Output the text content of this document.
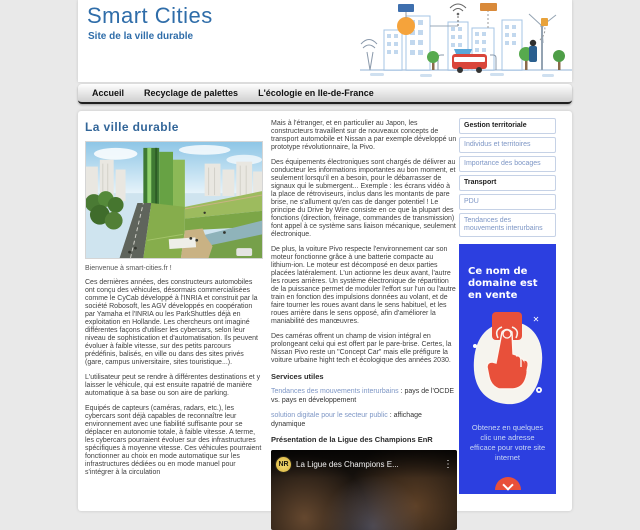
Smart Cities
Site de la ville durable
Accueil	Recyclage de palettes	L'écologie en Ile-de-France
La ville durable
Bienvenue à smart-cities.fr !

Ces dernières années, des constructeurs automobiles ont conçu des véhicules, désormais commercialisées comme le CyCab développé à l'INRIA et construit par la société Robosoft, les AGV développés en coopération par Yamaha et l'INRIA ou les ParkShuttles déjà en exploitation en Hollande. Les chercheurs ont imaginé différentes façons d'utiliser les cybercars, selon leur niveau de sophistication et d'automatisation. Ils peuvent évoluer à faible vitesse, sur des petits parcours prédéfinis, balisés, en ville ou dans des sites privés (gare, campus universitaire, sites touristique...).

L'utilisateur peut se rendre à différentes destinations et y laisser le véhicule, qui est ensuite rapatrié de manière automatique à sa base ou son aire de parking.

Equipés de capteurs (caméras, radars, etc.), les cybercars sont déjà capables de reconnaître leur environnement avec une fiabilité suffisante pour se déplacer en autonomie totale, à faible vitesse. A terme, les cybercars pourraient évoluer sur des infrastructures spécifiques à moyenne vitesse. Ces véhicules pourraient fonctionner au choix en mode automatique sur les infrastructures dédiées ou en mode manuel pour s'intégrer à la circulation

Mais à l'étranger, et en particulier au Japon, les constructeurs travaillent sur de nouveaux concepts de transport automobile et Nissan a par exemple développé un prototype révolutionnaire, la Pivo.

Des équipements électroniques sont chargés de délivrer au conducteur les informations importantes au bon moment, et seulement lorsqu'il en a besoin, pour le débarrasser de signaux qui le submergent... Exemple : les écrans vidéo à la place de rétroviseurs, inclus dans les montants de pare brise, ne s'allument qu'en cas de danger potentiel ! Le principe du Drive by Wire consiste en ce que la plupart des fonctions (direction, freinage, commandes de transmission) font appel à ce système sans liaison mécanique, seulement électronique.

De plus, la voiture Pivo respecte l'environnement car son moteur fonctionne grâce à une batterie compacte au lithium-ion. Le moteur est décomposé en deux parties placées latéralement. L'un actionne les deux avant, l'autre les roues arrières. Un système électronique de répartition de la puissance permet de moduler l'effort sur l'un ou l'autre train en fonction des impulsions données au volant, et de faire tourner les roues avant dans le sens habituel, et les roues arrière dans le sens opposé, afin d'améliorer la maniabilité des manœuvres.

Des caméras offrent un champ de vision intégral en prolongeant celui qui est offert par le pare-brise. Certes, la Nissan Pivo reste un "Concept Car" mais elle préfigure la voiture urbaine hight tech et écologique des années 2030.

Services utiles
Tendances des mouvements interurbains : pays de l'OCDE vs. pays en développement
solution digitale pour le secteur public : affichage dynamique
Présentation de la Ligue des Champions EnR
NR La Ligue des Champions E...	⋮
Gestion territoriale
Individus et territoires
Importance des bocages
Transport
PDU
Tendances des mouvements interurbains
Ce nom de domaine est en vente
✕
Obtenez en quelques clic une adresse efficace pour votre site internet
